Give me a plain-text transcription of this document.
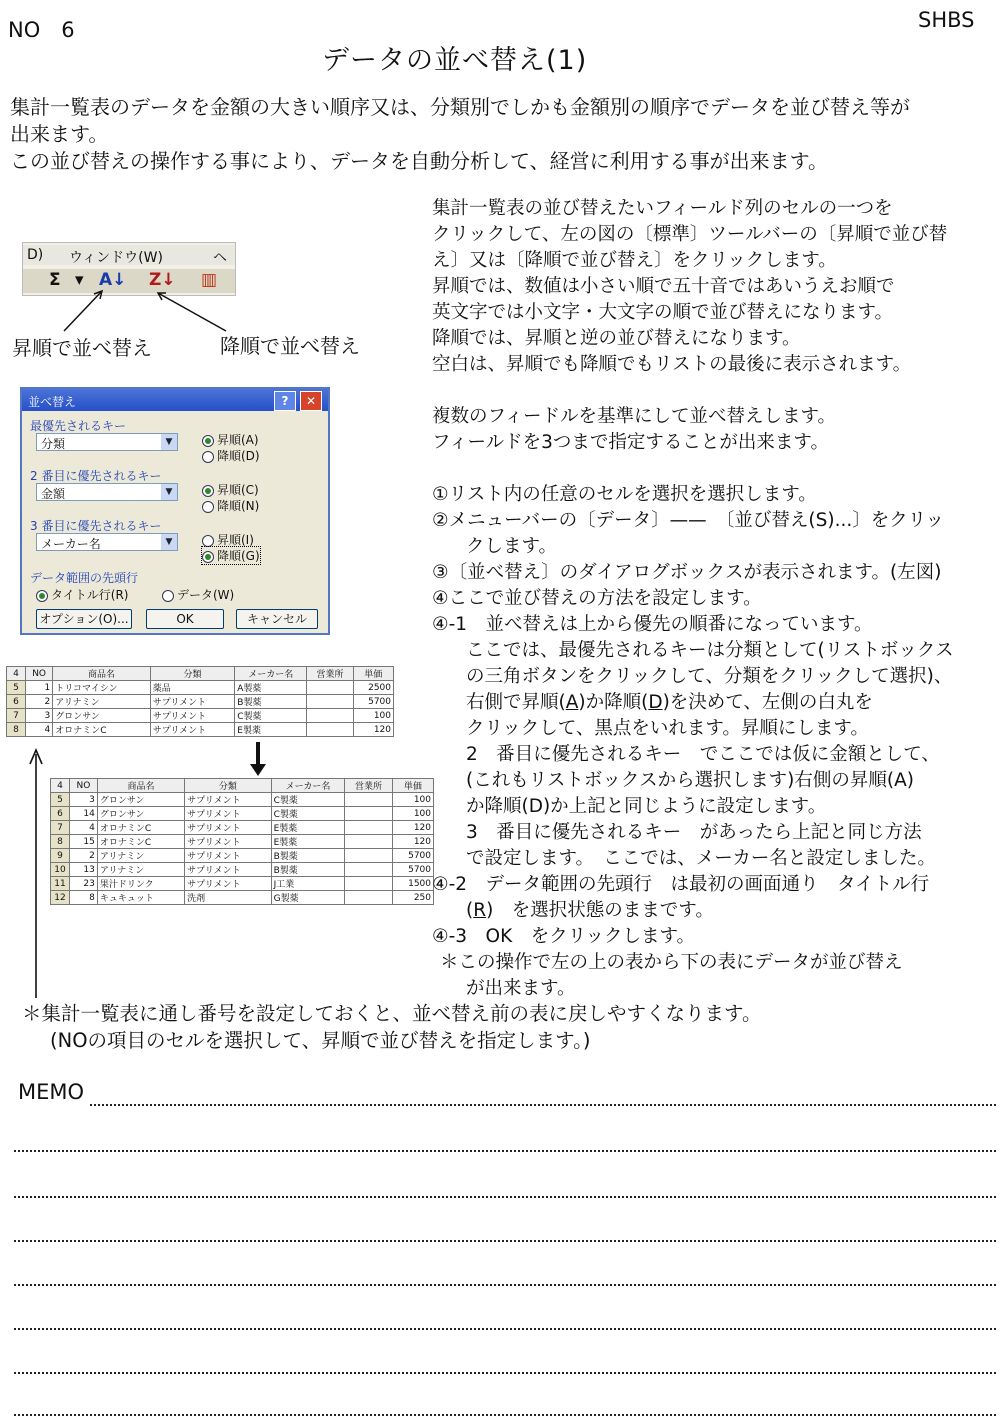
NO　6	SHBS
データの並べ替え(1)
集計一覧表のデータを金額の大きい順序又は、分類別でしかも金額別の順序でデータを並び替え等が
出来ます。
この並び替えの操作する事により、データを自動分析して、経営に利用する事が出来ます。
D) ウィンドウ(W)	ヘ
Σ ▾ A↓ Z↓ ▥
昇順で並べ替え	降順で並べ替え
並べ替え	?	✕
最優先されるキー
分類	▼	昇順(A)
降順(D)
2 番目に優先されるキー
金額	▼	昇順(C)
降順(N)
3 番目に優先されるキー
メーカー名	▼	昇順(I)
降順(G)
データ範囲の先頭行
タイトル行(R)	データ(W)
オプション(O)...	OK	キャンセル
4	NO	商品名	分類	メーカー名	営業所	単価
5	1	トリコマイシン	薬品	A製薬		2500
6	2	アリナミン	サプリメント	B製薬		5700
7	3	グロンサン	サプリメント	C製薬		100
8	4	オロナミンC	サプリメント	E製薬		120
4	NO	商品名	分類	メーカー名	営業所	単価
5	3	グロンサン	サプリメント	C製薬		100
6	14	グロンサン	サプリメント	C製薬		100
7	4	オロナミンC	サプリメント	E製薬		120
8	15	オロナミンC	サプリメント	E製薬		120
9	2	アリナミン	サプリメント	B製薬		5700
10	13	アリナミン	サプリメント	B製薬		5700
11	23	果汁ドリンク	サプリメント	J工業		1500
12	8	キュキュット	洗剤	G製薬		250
集計一覧表の並び替えたいフィールド列のセルの一つを
クリックして、左の図の〔標準〕ツールバーの〔昇順で並び替
え〕又は〔降順で並び替え〕をクリックします。
昇順では、数値は小さい順で五十音ではあいうえお順で
英文字では小文字・大文字の順で並び替えになります。
降順では、昇順と逆の並び替えになります。
空白は、昇順でも降順でもリストの最後に表示されます。
複数のフィードルを基準にして並べ替えします。
フィールドを3つまで指定することが出来ます。
①リスト内の任意のセルを選択を選択します。
②メニューバーの〔データ〕——　〔並び替え(S)...〕をクリッ
クします。
③〔並べ替え〕のダイアログボックスが表示されます。(左図)
④ここで並び替えの方法を設定します。
④-1　並べ替えは上から優先の順番になっています。
ここでは、最優先されるキーは分類として(リストボックス
の三角ボタンをクリックして、分類をクリックして選択)、
右側で昇順(A)か降順(D)を決めて、左側の白丸を
クリックして、黒点をいれます。昇順にします。
2　番目に優先されるキー　でここでは仮に金額として、
(これもリストボックスから選択します)右側の昇順(A)
か降順(D)か上記と同じように設定します。
3　番目に優先されるキー　があったら上記と同じ方法
で設定します。　ここでは、メーカー名と設定しました。
④-2　データ範囲の先頭行　は最初の画面通り　タイトル行
(R)　を選択状態のままです。
④-3　OK　をクリックします。
＊この操作で左の上の表から下の表にデータが並び替え
が出来ます。
＊集計一覧表に通し番号を設定しておくと、並べ替え前の表に戻しやすくなります。
(NOの項目のセルを選択して、昇順で並び替えを指定します。)
MEMO
